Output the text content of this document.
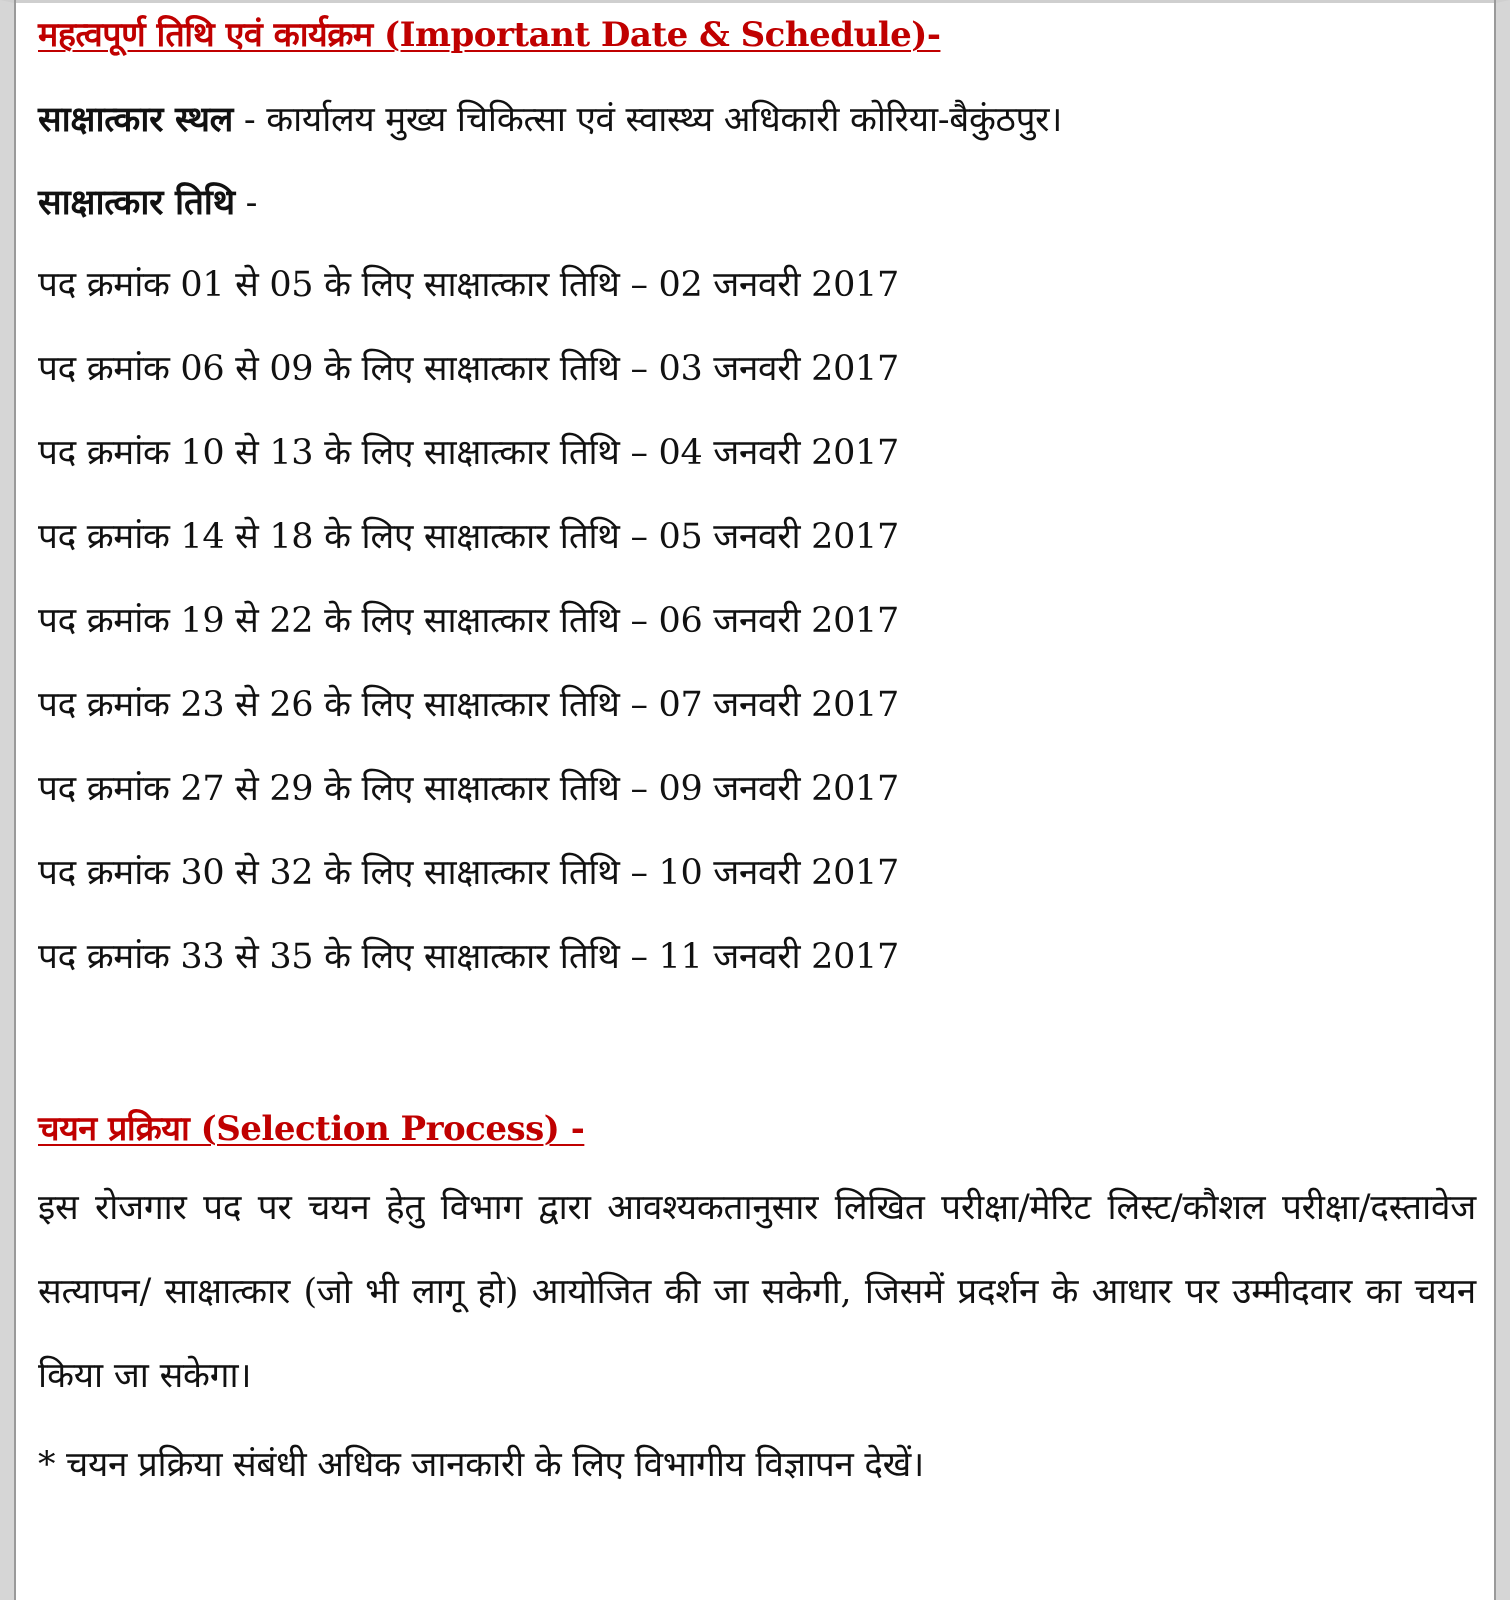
महत्वपूर्ण तिथि एवं कार्यक्रम (Important Date & Schedule)-
साक्षात्कार स्थल - कार्यालय मुख्य चिकित्सा एवं स्वास्थ्य अधिकारी कोरिया-बैकुंठपुर।
साक्षात्कार तिथि -
पद क्रमांक 01 से 05 के लिए साक्षात्कार तिथि – 02 जनवरी 2017
पद क्रमांक 06 से 09 के लिए साक्षात्कार तिथि – 03 जनवरी 2017
पद क्रमांक 10 से 13 के लिए साक्षात्कार तिथि – 04 जनवरी 2017
पद क्रमांक 14 से 18 के लिए साक्षात्कार तिथि – 05 जनवरी 2017
पद क्रमांक 19 से 22 के लिए साक्षात्कार तिथि – 06 जनवरी 2017
पद क्रमांक 23 से 26 के लिए साक्षात्कार तिथि – 07 जनवरी 2017
पद क्रमांक 27 से 29 के लिए साक्षात्कार तिथि – 09 जनवरी 2017
पद क्रमांक 30 से 32 के लिए साक्षात्कार तिथि – 10 जनवरी 2017
पद क्रमांक 33 से 35 के लिए साक्षात्कार तिथि – 11 जनवरी 2017
चयन प्रक्रिया (Selection Process) -
इस रोजगार पद पर चयन हेतु विभाग द्वारा आवश्यकतानुसार लिखित परीक्षा/मेरिट लिस्ट/कौशल परीक्षा/दस्तावेज सत्यापन/ साक्षात्कार (जो भी लागू हो) आयोजित की जा सकेगी, जिसमें प्रदर्शन के आधार पर उम्मीदवार का चयन किया जा सकेगा।
* चयन प्रक्रिया संबंधी अधिक जानकारी के लिए विभागीय विज्ञापन देखें।
